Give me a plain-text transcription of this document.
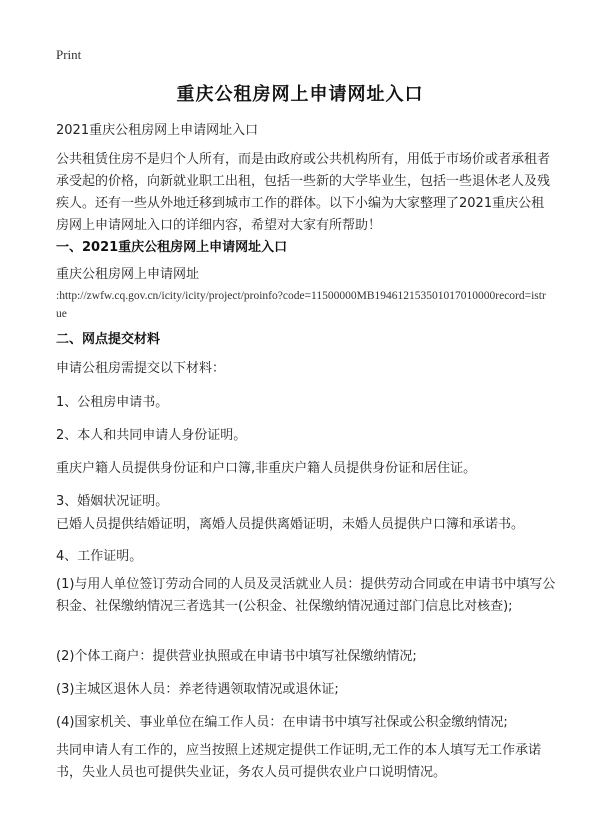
Print
重庆公租房网上申请网址入口
2021重庆公租房网上申请网址入口
公共租赁住房不是归个人所有，而是由政府或公共机构所有，用低于市场价或者承租者承受起的价格，向新就业职工出租，包括一些新的大学毕业生，包括一些退休老人及残疾人。还有一些从外地迁移到城市工作的群体。以下小编为大家整理了2021重庆公租房网上申请网址入口的详细内容，希望对大家有所帮助！
一、2021重庆公租房网上申请网址入口
重庆公租房网上申请网址
:http://zwfw.cq.gov.cn/icity/icity/project/proinfo?code=11500000MB194612153501017010000record=istrue
二、网点提交材料
申请公租房需提交以下材料：
1、公租房申请书。
2、本人和共同申请人身份证明。
重庆户籍人员提供身份证和户口簿,非重庆户籍人员提供身份证和居住证。
3、婚姻状况证明。
已婚人员提供结婚证明，离婚人员提供离婚证明，未婚人员提供户口簿和承诺书。
4、工作证明。
(1)与用人单位签订劳动合同的人员及灵活就业人员：提供劳动合同或在申请书中填写公积金、社保缴纳情况三者选其一(公积金、社保缴纳情况通过部门信息比对核查);
(2)个体工商户：提供营业执照或在申请书中填写社保缴纳情况;
(3)主城区退休人员：养老待遇领取情况或退休证;
(4)国家机关、事业单位在编工作人员：在申请书中填写社保或公积金缴纳情况;
共同申请人有工作的，应当按照上述规定提供工作证明,无工作的本人填写无工作承诺书，失业人员也可提供失业证，务农人员可提供农业户口说明情况。
